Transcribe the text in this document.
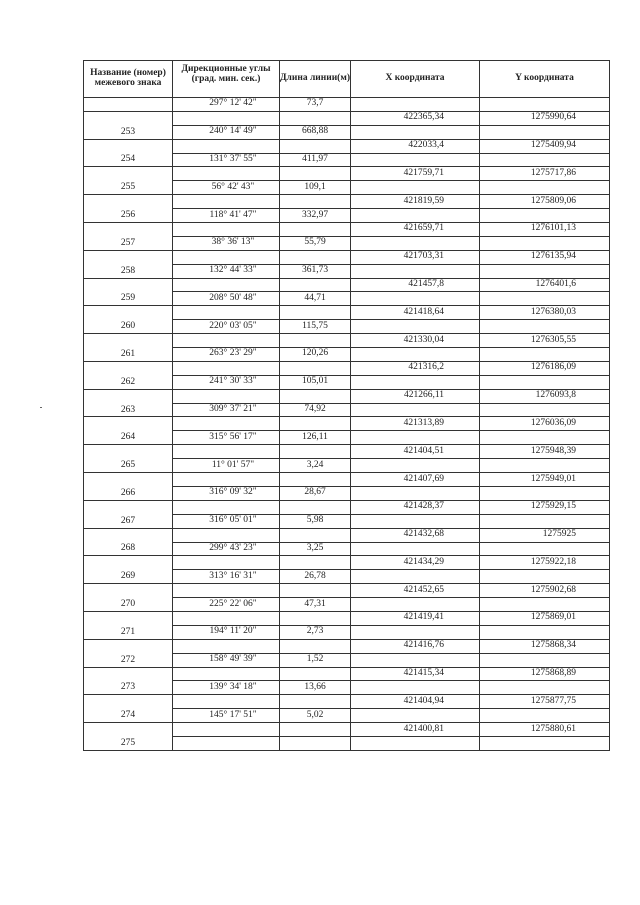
Название (номер) межевого знака	Дирекционные углы (град. мин. сек.)	Длина линии(м)	X координата	Y координата
	297° 12' 42"	73,7		
253			422365,34	1275990,64
	240° 14' 49"	668,88		
254			422033,4	1275409,94
	131° 37' 55"	411,97		
255			421759,71	1275717,86
	56° 42' 43"	109,1		
256			421819,59	1275809,06
	118° 41' 47"	332,97		
257			421659,71	1276101,13
	38° 36' 13"	55,79		
258			421703,31	1276135,94
	132° 44' 33"	361,73		
259			421457,8	1276401,6
	208° 50' 48"	44,71		
260			421418,64	1276380,03
	220° 03' 05"	115,75		
261			421330,04	1276305,55
	263° 23' 29"	120,26		
262			421316,2	1276186,09
	241° 30' 33"	105,01		
263			421266,11	1276093,8
	309° 37' 21"	74,92		
264			421313,89	1276036,09
	315° 56' 17"	126,11		
265			421404,51	1275948,39
	11° 01' 57"	3,24		
266			421407,69	1275949,01
	316° 09' 32"	28,67		
267			421428,37	1275929,15
	316° 05' 01"	5,98		
268			421432,68	1275925
	299° 43' 23"	3,25		
269			421434,29	1275922,18
	313° 16' 31"	26,78		
270			421452,65	1275902,68
	225° 22' 06"	47,31		
271			421419,41	1275869,01
	194° 11' 20"	2,73		
272			421416,76	1275868,34
	158° 49' 39"	1,52		
273			421415,34	1275868,89
	139° 34' 18"	13,66		
274			421404,94	1275877,75
	145° 17' 51"	5,02		
275			421400,81	1275880,61
